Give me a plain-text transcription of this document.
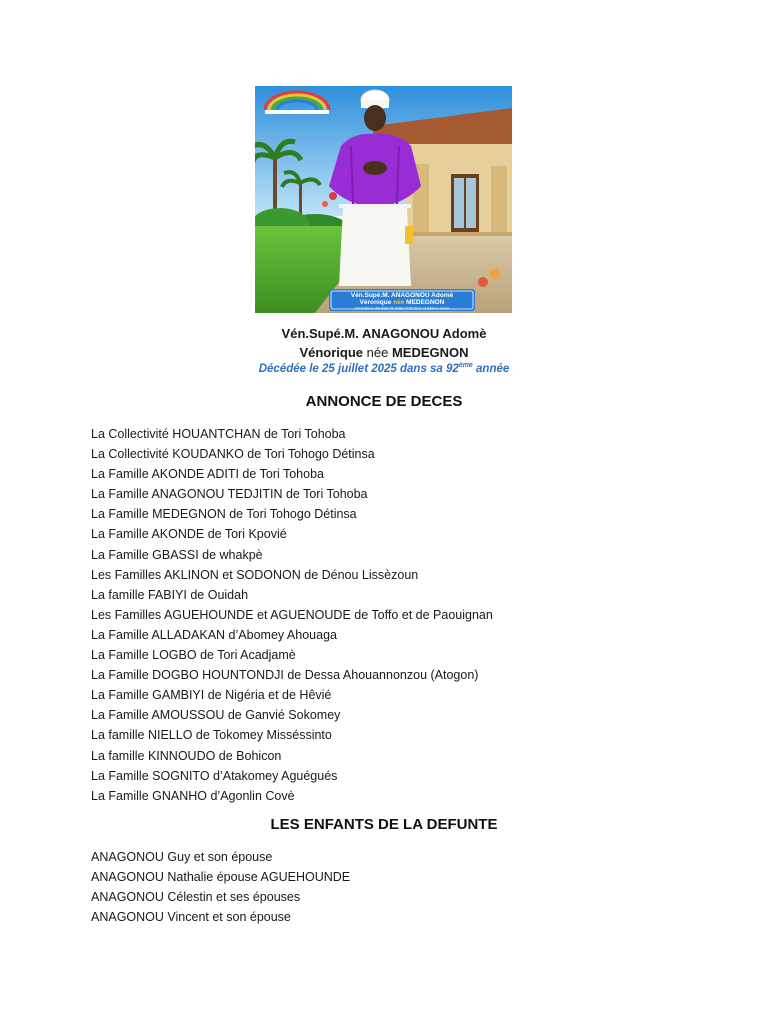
Vén.Supé.M. ANAGONOU Adomè
Véronique née MEDEGNON
Décédée le Vendredi 25 Juillet 2025 dans sa 92ème année
Vén.Supé.M. ANAGONOU Adomè
Vénorique née MEDEGNON
Décédée le 25 juillet 2025 dans sa 92ème année
ANNONCE DE DECES
La Collectivité HOUANTCHAN de Tori Tohoba
La Collectivité KOUDANKO de Tori Tohogo Détinsa
La Famille AKONDE ADITI de Tori Tohoba
La Famille ANAGONOU TEDJITIN de Tori Tohoba
La Famille MEDEGNON de Tori Tohogo Détinsa
La Famille AKONDE de Tori Kpovié
La Famille GBASSI de whakpè
Les Familles AKLINON et SODONON de Dénou Lissèzoun
La famille FABIYI de Ouidah
Les Familles AGUEHOUNDE et AGUENOUDE de Toffo et de Paouignan
La Famille ALLADAKAN d’Abomey Ahouaga
La Famille LOGBO de Tori Acadjamè
La Famille DOGBO HOUNTONDJI de Dessa Ahouannonzou (Atogon)
La Famille GAMBIYI de Nigéria et de Hêvié
La Famille AMOUSSOU de Ganvié Sokomey
La famille NIELLO de Tokomey Misséssinto
La famille KINNOUDO de Bohicon
La Famille SOGNITO d’Atakomey Aguégués
La Famille GNANHO d’Agonlin Covè
LES ENFANTS DE LA DEFUNTE
ANAGONOU Guy et son épouse
ANAGONOU Nathalie épouse AGUEHOUNDE
ANAGONOU Célestin et ses épouses
ANAGONOU Vincent et son épouse
